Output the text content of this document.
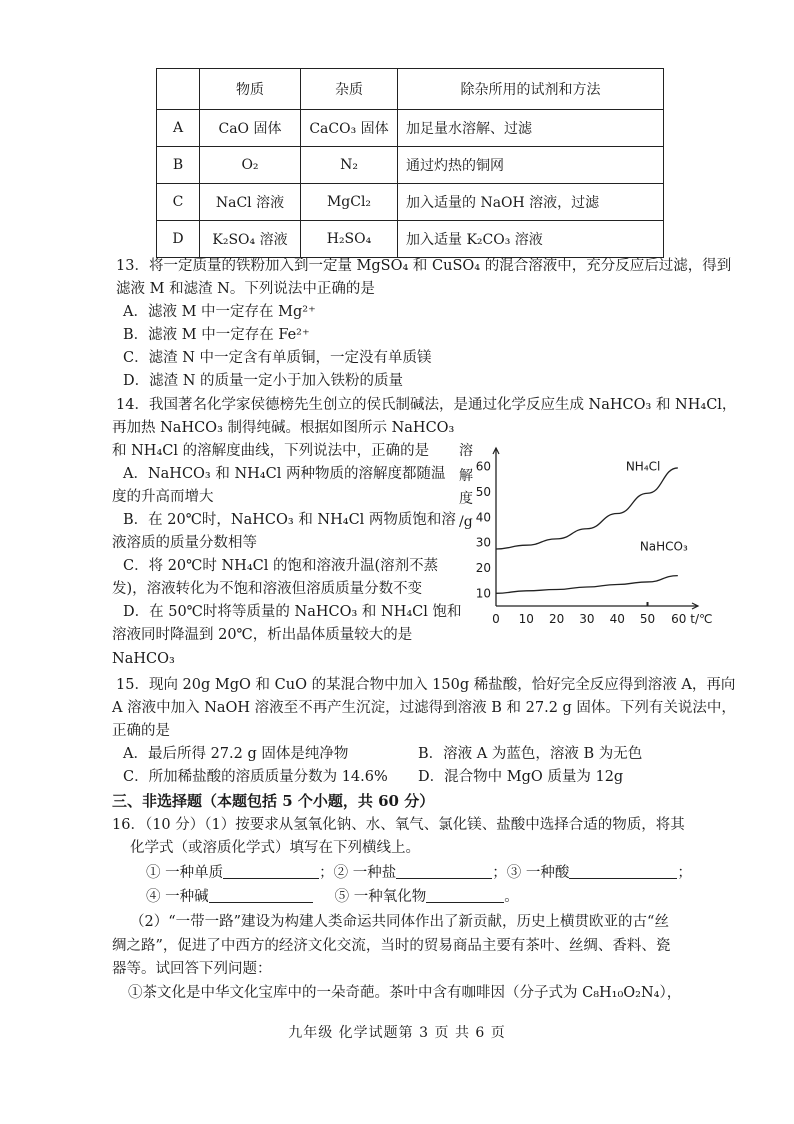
	物质	杂质	除杂所用的试剂和方法
A	CaO 固体	CaCO₃ 固体	加足量水溶解、过滤
B	O₂	N₂	通过灼热的铜网
C	NaCl 溶液	MgCl₂	加入适量的 NaOH 溶液，过滤
D	K₂SO₄ 溶液	H₂SO₄	加入适量 K₂CO₃ 溶液
13．将一定质量的铁粉加入到一定量 MgSO₄ 和 CuSO₄ 的混合溶液中，充分反应后过滤，得到
滤液 M 和滤渣 N。下列说法中正确的是
A．滤液 M 中一定存在 Mg²⁺
B．滤液 M 中一定存在 Fe²⁺
C．滤渣 N 中一定含有单质铜，一定没有单质镁
D．滤渣 N 的质量一定小于加入铁粉的质量
14．我国著名化学家侯德榜先生创立的侯氏制碱法，是通过化学反应生成 NaHCO₃ 和 NH₄Cl，
再加热 NaHCO₃ 制得纯碱。根据如图所示 NaHCO₃
和 NH₄Cl 的溶解度曲线，下列说法中，正确的是
A．NaHCO₃ 和 NH₄Cl 两种物质的溶解度都随温
度的升高而增大
B．在 20℃时，NaHCO₃ 和 NH₄Cl 两物质饱和溶
液溶质的质量分数相等
C．将 20℃时 NH₄Cl 的饱和溶液升温(溶剂不蒸
发)，溶液转化为不饱和溶液但溶质质量分数不变
D．在 50℃时将等质量的 NaHCO₃ 和 NH₄Cl 饱和
溶液同时降温到 20℃，析出晶体质量较大的是
NaHCO₃
溶
解
度
/g
0 10 20 30 40 50 60 t/℃
10
20
30
40
50
60	NH₄Cl
NaHCO₃
15．现向 20g MgO 和 CuO 的某混合物中加入 150g 稀盐酸，恰好完全反应得到溶液 A，再向
A 溶液中加入 NaOH 溶液至不再产生沉淀，过滤得到溶液 B 和 27.2 g 固体。下列有关说法中，
正确的是
A．最后所得 27.2 g 固体是纯净物	B．溶液 A 为蓝色，溶液 B 为无色
C．所加稀盐酸的溶质质量分数为 14.6% D．混合物中 MgO 质量为 12g
三、非选择题（本题包括 5 个小题，共 60 分）
16．（10 分）（1）按要求从氢氧化钠、水、氧气、氯化镁、盐酸中选择合适的物质，将其
化学式（或溶质化学式）填写在下列横线上。
① 一种单质	；② 一种盐	；③ 一种酸	；
④ 一种碱	⑤ 一种氧化物	。
（2）“一带一路”建设为构建人类命运共同体作出了新贡献，历史上横贯欧亚的古“丝
绸之路”，促进了中西方的经济文化交流，当时的贸易商品主要有茶叶、丝绸、香料、瓷
器等。试回答下列问题：
①茶文化是中华文化宝库中的一朵奇葩。茶叶中含有咖啡因（分子式为 C₈H₁₀O₂N₄），
九年级 化学试题第 3 页 共 6 页
